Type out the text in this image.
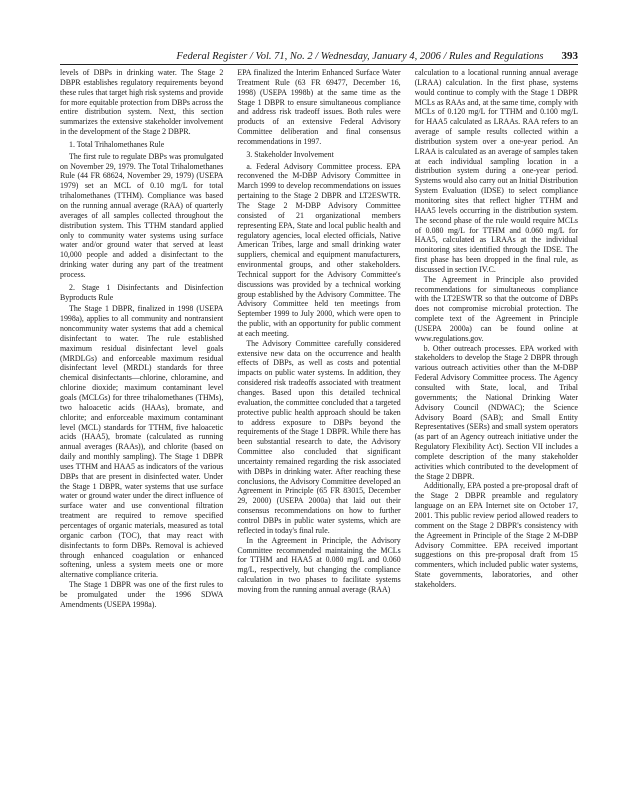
Federal Register / Vol. 71, No. 2 / Wednesday, January 4, 2006 / Rules and Regulations 393

levels of DBPs in drinking water. The Stage 2 DBPR establishes regulatory requirements beyond these rules that target high risk systems and provide for more equitable protection from DBPs across the entire distribution system. Next, this section summarizes the extensive stakeholder involvement in the development of the Stage 2 DBPR.

1. Total Trihalomethanes Rule

The first rule to regulate DBPs was promulgated on November 29, 1979. The Total Trihalomethanes Rule (44 FR 68624, November 29, 1979) (USEPA 1979) set an MCL of 0.10 mg/L for total trihalomethanes (TTHM). Compliance was based on the running annual average (RAA) of quarterly averages of all samples collected throughout the distribution system. This TTHM standard applied only to community water systems using surface water and/or ground water that served at least 10,000 people and added a disinfectant to the drinking water during any part of the treatment process.

2. Stage 1 Disinfectants and Disinfection Byproducts Rule

The Stage 1 DBPR, finalized in 1998 (USEPA 1998a), applies to all community and nontransient noncommunity water systems that add a chemical disinfectant to water. The rule established maximum residual disinfectant level goals (MRDLGs) and enforceable maximum residual disinfectant level (MRDL) standards for three chemical disinfectants—chlorine, chloramine, and chlorine dioxide; maximum contaminant level goals (MCLGs) for three trihalomethanes (THMs), two haloacetic acids (HAAs), bromate, and chlorite; and enforceable maximum contaminant level (MCL) standards for TTHM, five haloacetic acids (HAA5), bromate (calculated as running annual averages (RAAs)), and chlorite (based on daily and monthly sampling). The Stage 1 DBPR uses TTHM and HAA5 as indicators of the various DBPs that are present in disinfected water. Under the Stage 1 DBPR, water systems that use surface water or ground water under the direct influence of surface water and use conventional filtration treatment are required to remove specified percentages of organic materials, measured as total organic carbon (TOC), that may react with disinfectants to form DBPs. Removal is achieved through enhanced coagulation or enhanced softening, unless a system meets one or more alternative compliance criteria.

The Stage 1 DBPR was one of the first rules to be promulgated under the 1996 SDWA Amendments (USEPA 1998a).

EPA finalized the Interim Enhanced Surface Water Treatment Rule (63 FR 69477, December 16, 1998) (USEPA 1998b) at the same time as the Stage 1 DBPR to ensure simultaneous compliance and address risk tradeoff issues. Both rules were products of an extensive Federal Advisory Committee deliberation and final consensus recommendations in 1997.

3. Stakeholder Involvement

a. Federal Advisory Committee process. EPA reconvened the M-DBP Advisory Committee in March 1999 to develop recommendations on issues pertaining to the Stage 2 DBPR and LT2ESWTR. The Stage 2 M-DBP Advisory Committee consisted of 21 organizational members representing EPA, State and local public health and regulatory agencies, local elected officials, Native American Tribes, large and small drinking water suppliers, chemical and equipment manufacturers, environmental groups, and other stakeholders. Technical support for the Advisory Committee's discussions was provided by a technical working group established by the Advisory Committee. The Advisory Committee held ten meetings from September 1999 to July 2000, which were open to the public, with an opportunity for public comment at each meeting.

The Advisory Committee carefully considered extensive new data on the occurrence and health effects of DBPs, as well as costs and potential impacts on public water systems. In addition, they considered risk tradeoffs associated with treatment changes. Based upon this detailed technical evaluation, the committee concluded that a targeted protective public health approach should be taken to address exposure to DBPs beyond the requirements of the Stage 1 DBPR. While there has been substantial research to date, the Advisory Committee also concluded that significant uncertainty remained regarding the risk associated with DBPs in drinking water. After reaching these conclusions, the Advisory Committee developed an Agreement in Principle (65 FR 83015, December 29, 2000) (USEPA 2000a) that laid out their consensus recommendations on how to further control DBPs in public water systems, which are reflected in today's final rule.

In the Agreement in Principle, the Advisory Committee recommended maintaining the MCLs for TTHM and HAA5 at 0.080 mg/L and 0.060 mg/L, respectively, but changing the compliance calculation in two phases to facilitate systems moving from the running annual average (RAA)

calculation to a locational running annual average (LRAA) calculation. In the first phase, systems would continue to comply with the Stage 1 DBPR MCLs as RAAs and, at the same time, comply with MCLs of 0.120 mg/L for TTHM and 0.100 mg/L for HAA5 calculated as LRAAs. RAA refers to an average of sample results collected within a distribution system over a one-year period. An LRAA is calculated as an average of samples taken at each individual sampling location in a distribution system during a one-year period. Systems would also carry out an Initial Distribution System Evaluation (IDSE) to select compliance monitoring sites that reflect higher TTHM and HAA5 levels occurring in the distribution system. The second phase of the rule would require MCLs of 0.080 mg/L for TTHM and 0.060 mg/L for HAA5, calculated as LRAAs at the individual monitoring sites identified through the IDSE. The first phase has been dropped in the final rule, as discussed in section IV.C.

The Agreement in Principle also provided recommendations for simultaneous compliance with the LT2ESWTR so that the outcome of DBPs does not compromise microbial protection. The complete text of the Agreement in Principle (USEPA 2000a) can be found online at www.regulations.gov.

b. Other outreach processes. EPA worked with stakeholders to develop the Stage 2 DBPR through various outreach activities other than the M-DBP Federal Advisory Committee process. The Agency consulted with State, local, and Tribal governments; the National Drinking Water Advisory Council (NDWAC); the Science Advisory Board (SAB); and Small Entity Representatives (SERs) and small system operators (as part of an Agency outreach initiative under the Regulatory Flexibility Act). Section VII includes a complete description of the many stakeholder activities which contributed to the development of the Stage 2 DBPR.

Additionally, EPA posted a pre-proposal draft of the Stage 2 DBPR preamble and regulatory language on an EPA Internet site on October 17, 2001. This public review period allowed readers to comment on the Stage 2 DBPR's consistency with the Agreement in Principle of the Stage 2 M-DBP Advisory Committee. EPA received important suggestions on this pre-proposal draft from 15 commenters, which included public water systems, State governments, laboratories, and other stakeholders.
